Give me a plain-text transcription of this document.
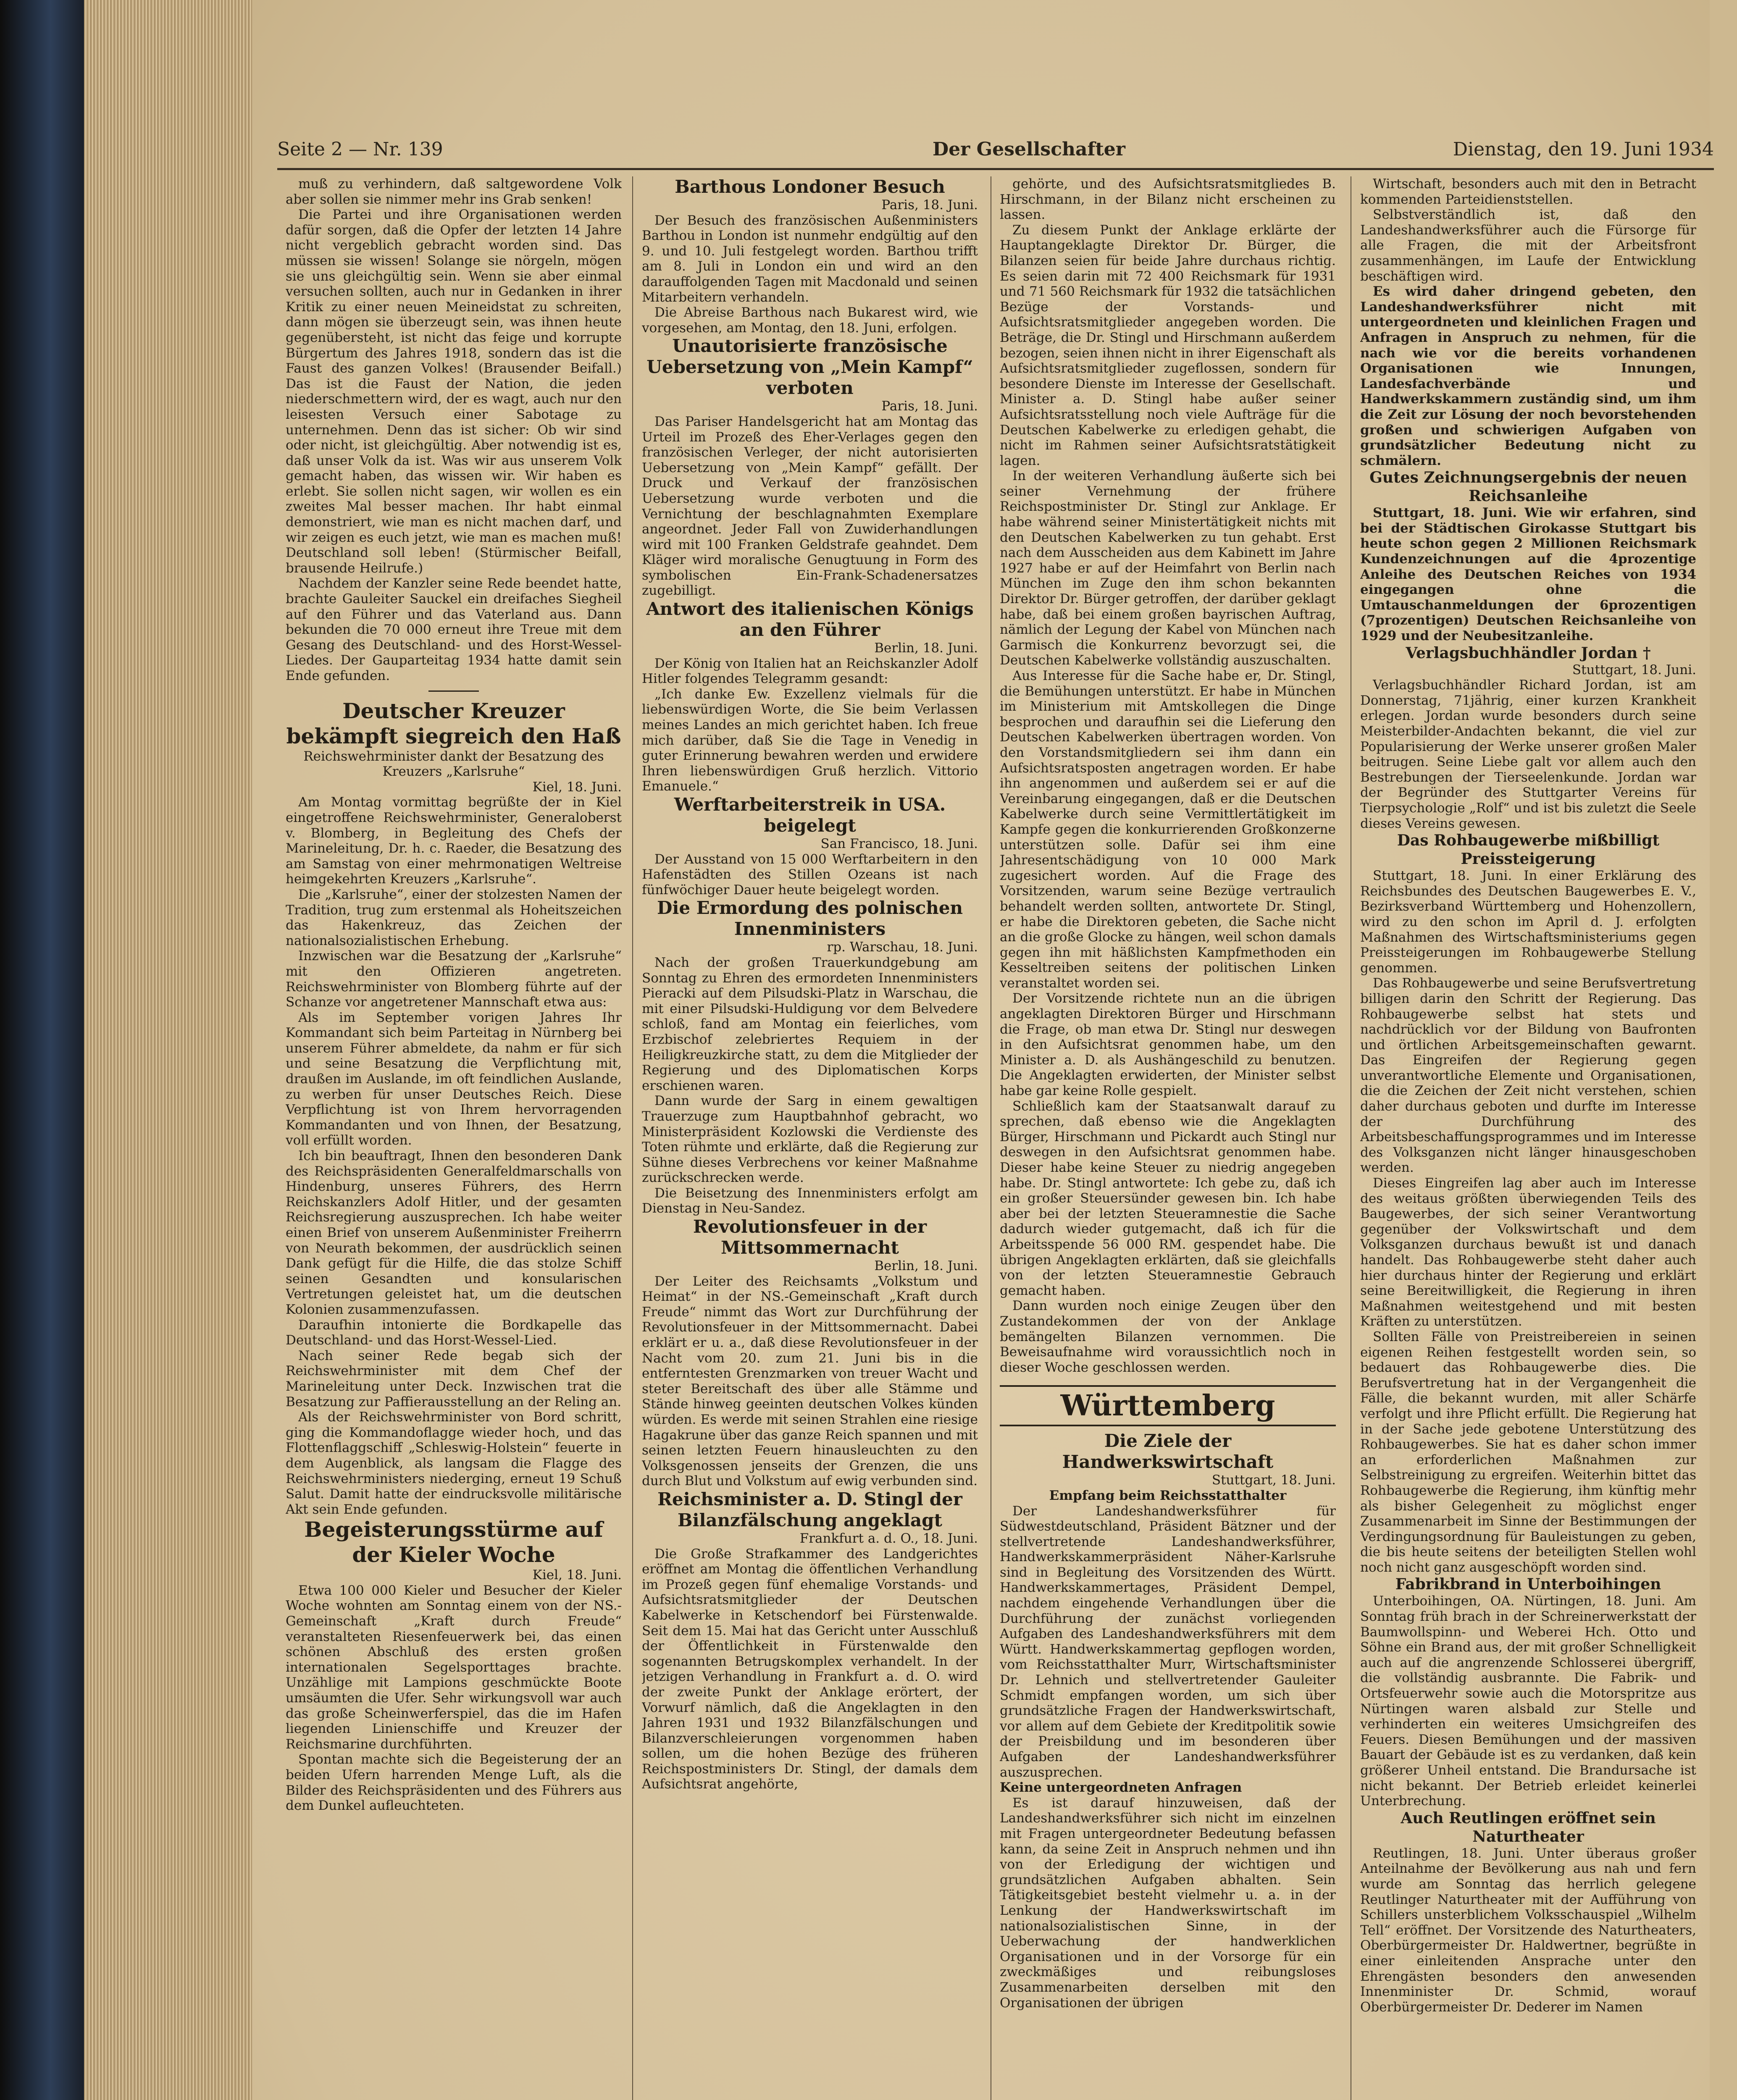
Seite 2 — Nr. 139	Der Gesellschafter	Dienstag, den 19. Juni 1934

muß zu verhindern, daß saltgewordene Volk aber sollen sie nimmer mehr ins Grab senken!

Die Partei und ihre Organisationen werden dafür sorgen, daß die Opfer der letzten 14 Jahre nicht vergeblich gebracht worden sind. Das müssen sie wissen! Solange sie nörgeln, mögen sie uns gleichgültig sein. Wenn sie aber einmal versuchen sollten, auch nur in Gedanken in ihrer Kritik zu einer neuen Meineidstat zu schreiten, dann mögen sie überzeugt sein, was ihnen heute gegenübersteht, ist nicht das feige und korrupte Bürgertum des Jahres 1918, sondern das ist die Faust des ganzen Volkes! (Brausender Beifall.) Das ist die Faust der Nation, die jeden niederschmettern wird, der es wagt, auch nur den leisesten Versuch einer Sabotage zu unternehmen. Denn das ist sicher: Ob wir sind oder nicht, ist gleichgültig. Aber notwendig ist es, daß unser Volk da ist. Was wir aus unserem Volk gemacht haben, das wissen wir. Wir haben es erlebt. Sie sollen nicht sagen, wir wollen es ein zweites Mal besser machen. Ihr habt einmal demonstriert, wie man es nicht machen darf, und wir zeigen es euch jetzt, wie man es machen muß! Deutschland soll leben! (Stürmischer Beifall, brausende Heilrufe.)

Nachdem der Kanzler seine Rede beendet hatte, brachte Gauleiter Sauckel ein dreifaches Siegheil auf den Führer und das Vaterland aus. Dann bekunden die 70 000 erneut ihre Treue mit dem Gesang des Deutschland- und des Horst-Wessel-Liedes. Der Gauparteitag 1934 hatte damit sein Ende gefunden.

Deutscher Kreuzer bekämpft siegreich den Haß

Reichswehrminister dankt der Besatzung des Kreuzers „Karlsruhe“

Kiel, 18. Juni.

Am Montag vormittag begrüßte der in Kiel eingetroffene Reichswehrminister, Generaloberst v. Blomberg, in Begleitung des Chefs der Marineleitung, Dr. h. c. Raeder, die Besatzung des am Samstag von einer mehrmonatigen Weltreise heimgekehrten Kreuzers „Karlsruhe“.

Die „Karlsruhe“, einer der stolzesten Namen der Tradition, trug zum erstenmal als Hoheitszeichen das Hakenkreuz, das Zeichen der nationalsozialistischen Erhebung.

Inzwischen war die Besatzung der „Karlsruhe“ mit den Offizieren angetreten. Reichswehrminister von Blomberg führte auf der Schanze vor angetretener Mannschaft etwa aus:

Als im September vorigen Jahres Ihr Kommandant sich beim Parteitag in Nürnberg bei unserem Führer abmeldete, da nahm er für sich und seine Besatzung die Verpflichtung mit, draußen im Auslande, im oft feindlichen Auslande, zu werben für unser Deutsches Reich. Diese Verpflichtung ist von Ihrem hervorragenden Kommandanten und von Ihnen, der Besatzung, voll erfüllt worden.

Ich bin beauftragt, Ihnen den besonderen Dank des Reichspräsidenten Generalfeldmarschalls von Hindenburg, unseres Führers, des Herrn Reichskanzlers Adolf Hitler, und der gesamten Reichsregierung auszusprechen. Ich habe weiter einen Brief von unserem Außenminister Freiherrn von Neurath bekommen, der ausdrücklich seinen Dank gefügt für die Hilfe, die das stolze Schiff seinen Gesandten und konsularischen Vertretungen geleistet hat, um die deutschen Kolonien zusammenzufassen.

Daraufhin intonierte die Bordkapelle das Deutschland- und das Horst-Wessel-Lied.

Nach seiner Rede begab sich der Reichswehrminister mit dem Chef der Marineleitung unter Deck. Inzwischen trat die Besatzung zur Paffierausstellung an der Reling an.

Als der Reichswehrminister von Bord schritt, ging die Kommandoflagge wieder hoch, und das Flottenflaggschiff „Schleswig-Holstein“ feuerte in dem Augenblick, als langsam die Flagge des Reichswehrministers niederging, erneut 19 Schuß Salut. Damit hatte der eindrucksvolle militärische Akt sein Ende gefunden.

Begeisterungsstürme auf der Kieler Woche

Kiel, 18. Juni.

Etwa 100 000 Kieler und Besucher der Kieler Woche wohnten am Sonntag einem von der NS.-Gemeinschaft „Kraft durch Freude“ veranstalteten Riesenfeuerwerk bei, das einen schönen Abschluß des ersten großen internationalen Segelsporttages brachte. Unzählige mit Lampions geschmückte Boote umsäumten die Ufer. Sehr wirkungsvoll war auch das große Scheinwerferspiel, das die im Hafen liegenden Linienschiffe und Kreuzer der Reichsmarine durchführten.

Spontan machte sich die Begeisterung der an beiden Ufern harrenden Menge Luft, als die Bilder des Reichspräsidenten und des Führers aus dem Dunkel aufleuchteten.

Barthous Londoner Besuch

Paris, 18. Juni.

Der Besuch des französischen Außenministers Barthou in London ist nunmehr endgültig auf den 9. und 10. Juli festgelegt worden. Barthou trifft am 8. Juli in London ein und wird an den darauffolgenden Tagen mit Macdonald und seinen Mitarbeitern verhandeln.

Die Abreise Barthous nach Bukarest wird, wie vorgesehen, am Montag, den 18. Juni, erfolgen.

Unautorisierte französische Uebersetzung von „Mein Kampf“ verboten

Paris, 18. Juni.

Das Pariser Handelsgericht hat am Montag das Urteil im Prozeß des Eher-Verlages gegen den französischen Verleger, der nicht autorisierten Uebersetzung von „Mein Kampf“ gefällt. Der Druck und Verkauf der französischen Uebersetzung wurde verboten und die Vernichtung der beschlagnahmten Exemplare angeordnet. Jeder Fall von Zuwiderhandlungen wird mit 100 Franken Geldstrafe geahndet. Dem Kläger wird moralische Genugtuung in Form des symbolischen Ein-Frank-Schadenersatzes zugebilligt.

Antwort des italienischen Königs an den Führer

Berlin, 18. Juni.

Der König von Italien hat an Reichskanzler Adolf Hitler folgendes Telegramm gesandt:

„Ich danke Ew. Exzellenz vielmals für die liebenswürdigen Worte, die Sie beim Verlassen meines Landes an mich gerichtet haben. Ich freue mich darüber, daß Sie die Tage in Venedig in guter Erinnerung bewahren werden und erwidere Ihren liebenswürdigen Gruß herzlich. Vittorio Emanuele.“

Werftarbeiterstreik in USA. beigelegt

San Francisco, 18. Juni.

Der Ausstand von 15 000 Werftarbeitern in den Hafenstädten des Stillen Ozeans ist nach fünfwöchiger Dauer heute beigelegt worden.

Die Ermordung des polnischen Innenministers

rp. Warschau, 18. Juni.

Nach der großen Trauerkundgebung am Sonntag zu Ehren des ermordeten Innenministers Pieracki auf dem Pilsudski-Platz in Warschau, die mit einer Pilsudski-Huldigung vor dem Belvedere schloß, fand am Montag ein feierliches, vom Erzbischof zelebriertes Requiem in der Heiligkreuzkirche statt, zu dem die Mitglieder der Regierung und des Diplomatischen Korps erschienen waren.

Dann wurde der Sarg in einem gewaltigen Trauerzuge zum Hauptbahnhof gebracht, wo Ministerpräsident Kozlowski die Verdienste des Toten rühmte und erklärte, daß die Regierung zur Sühne dieses Verbrechens vor keiner Maßnahme zurückschrecken werde.

Die Beisetzung des Innenministers erfolgt am Dienstag in Neu-Sandez.

Revolutionsfeuer in der Mittsommernacht

Berlin, 18. Juni.

Der Leiter des Reichsamts „Volkstum und Heimat“ in der NS.-Gemeinschaft „Kraft durch Freude“ nimmt das Wort zur Durchführung der Revolutionsfeuer in der Mittsommernacht. Dabei erklärt er u. a., daß diese Revolutionsfeuer in der Nacht vom 20. zum 21. Juni bis in die entferntesten Grenzmarken von treuer Wacht und steter Bereitschaft des über alle Stämme und Stände hinweg geeinten deutschen Volkes künden würden. Es werde mit seinen Strahlen eine riesige Hagakrune über das ganze Reich spannen und mit seinen letzten Feuern hinausleuchten zu den Volksgenossen jenseits der Grenzen, die uns durch Blut und Volkstum auf ewig verbunden sind.

Reichsminister a. D. Stingl der Bilanzfälschung angeklagt

Frankfurt a. d. O., 18. Juni.

Die Große Strafkammer des Landgerichtes eröffnet am Montag die öffentlichen Verhandlung im Prozeß gegen fünf ehemalige Vorstands- und Aufsichtsratsmitglieder der Deutschen Kabelwerke in Ketschendorf bei Fürstenwalde. Seit dem 15. Mai hat das Gericht unter Ausschluß der Öffentlichkeit in Fürstenwalde den sogenannten Betrugskomplex verhandelt. In der jetzigen Verhandlung in Frankfurt a. d. O. wird der zweite Punkt der Anklage erörtert, der Vorwurf nämlich, daß die Angeklagten in den Jahren 1931 und 1932 Bilanzfälschungen und Bilanzverschleierungen vorgenommen haben sollen, um die hohen Bezüge des früheren Reichspostministers Dr. Stingl, der damals dem Aufsichtsrat angehörte,

gehörte, und des Aufsichtsratsmitgliedes B. Hirschmann, in der Bilanz nicht erscheinen zu lassen.

Zu diesem Punkt der Anklage erklärte der Hauptangeklagte Direktor Dr. Bürger, die Bilanzen seien für beide Jahre durchaus richtig. Es seien darin mit 72 400 Reichsmark für 1931 und 71 560 Reichsmark für 1932 die tatsächlichen Bezüge der Vorstands- und Aufsichtsratsmitglieder angegeben worden. Die Beträge, die Dr. Stingl und Hirschmann außerdem bezogen, seien ihnen nicht in ihrer Eigenschaft als Aufsichtsratsmitglieder zugeflossen, sondern für besondere Dienste im Interesse der Gesellschaft. Minister a. D. Stingl habe außer seiner Aufsichtsratsstellung noch viele Aufträge für die Deutschen Kabelwerke zu erledigen gehabt, die nicht im Rahmen seiner Aufsichtsratstätigkeit lagen.

In der weiteren Verhandlung äußerte sich bei seiner Vernehmung der frühere Reichspostminister Dr. Stingl zur Anklage. Er habe während seiner Ministertätigkeit nichts mit den Deutschen Kabelwerken zu tun gehabt. Erst nach dem Ausscheiden aus dem Kabinett im Jahre 1927 habe er auf der Heimfahrt von Berlin nach München im Zuge den ihm schon bekannten Direktor Dr. Bürger getroffen, der darüber geklagt habe, daß bei einem großen bayrischen Auftrag, nämlich der Legung der Kabel von München nach Garmisch die Konkurrenz bevorzugt sei, die Deutschen Kabelwerke vollständig auszuschalten.

Aus Interesse für die Sache habe er, Dr. Stingl, die Bemühungen unterstützt. Er habe in München im Ministerium mit Amtskollegen die Dinge besprochen und daraufhin sei die Lieferung den Deutschen Kabelwerken übertragen worden. Von den Vorstandsmitgliedern sei ihm dann ein Aufsichtsratsposten angetragen worden. Er habe ihn angenommen und außerdem sei er auf die Vereinbarung eingegangen, daß er die Deutschen Kabelwerke durch seine Vermittlertätigkeit im Kampfe gegen die konkurrierenden Großkonzerne unterstützen solle. Dafür sei ihm eine Jahresentschädigung von 10 000 Mark zugesichert worden. Auf die Frage des Vorsitzenden, warum seine Bezüge vertraulich behandelt werden sollten, antwortete Dr. Stingl, er habe die Direktoren gebeten, die Sache nicht an die große Glocke zu hängen, weil schon damals gegen ihn mit häßlichsten Kampfmethoden ein Kesseltreiben seitens der politischen Linken veranstaltet worden sei.

Der Vorsitzende richtete nun an die übrigen angeklagten Direktoren Bürger und Hirschmann die Frage, ob man etwa Dr. Stingl nur deswegen in den Aufsichtsrat genommen habe, um den Minister a. D. als Aushängeschild zu benutzen. Die Angeklagten erwiderten, der Minister selbst habe gar keine Rolle gespielt.

Schließlich kam der Staatsanwalt darauf zu sprechen, daß ebenso wie die Angeklagten Bürger, Hirschmann und Pickardt auch Stingl nur deswegen in den Aufsichtsrat genommen habe. Dieser habe keine Steuer zu niedrig angegeben habe. Dr. Stingl antwortete: Ich gebe zu, daß ich ein großer Steuersünder gewesen bin. Ich habe aber bei der letzten Steueramnestie die Sache dadurch wieder gutgemacht, daß ich für die Arbeitsspende 56 000 RM. gespendet habe. Die übrigen Angeklagten erklärten, daß sie gleichfalls von der letzten Steueramnestie Gebrauch gemacht haben.

Dann wurden noch einige Zeugen über den Zustandekommen der von der Anklage bemängelten Bilanzen vernommen. Die Beweisaufnahme wird voraussichtlich noch in dieser Woche geschlossen werden.

Württemberg

Die Ziele der Handwerkswirtschaft

Stuttgart, 18. Juni.

Empfang beim Reichsstatthalter

Der Landeshandwerksführer für Südwestdeutschland, Präsident Bätzner und der stellvertretende Landeshandwerksführer, Handwerkskammerpräsident Näher-Karlsruhe sind in Begleitung des Vorsitzenden des Württ. Handwerkskammertages, Präsident Dempel, nachdem eingehende Verhandlungen über die Durchführung der zunächst vorliegenden Aufgaben des Landeshandwerksführers mit dem Württ. Handwerkskammertag gepflogen worden, vom Reichsstatthalter Murr, Wirtschaftsminister Dr. Lehnich und stellvertretender Gauleiter Schmidt empfangen worden, um sich über grundsätzliche Fragen der Handwerkswirtschaft, vor allem auf dem Gebiete der Kreditpolitik sowie der Preisbildung und im besonderen über Aufgaben der Landeshandwerksführer auszusprechen.

Keine untergeordneten Anfragen

Es ist darauf hinzuweisen, daß der Landeshandwerksführer sich nicht im einzelnen mit Fragen untergeordneter Bedeutung befassen kann, da seine Zeit in Anspruch nehmen und ihn von der Erledigung der wichtigen und grundsätzlichen Aufgaben abhalten. Sein Tätigkeitsgebiet besteht vielmehr u. a. in der Lenkung der Handwerkswirtschaft im nationalsozialistischen Sinne, in der Ueberwachung der handwerklichen Organisationen und in der Vorsorge für ein zweckmäßiges und reibungsloses Zusammenarbeiten derselben mit den Organisationen der übrigen

Wirtschaft, besonders auch mit den in Betracht kommenden Parteidienststellen.

Selbstverständlich ist, daß den Landeshandwerksführer auch die Fürsorge für alle Fragen, die mit der Arbeitsfront zusammenhängen, im Laufe der Entwicklung beschäftigen wird.

Es wird daher dringend gebeten, den Landeshandwerksführer nicht mit untergeordneten und kleinlichen Fragen und Anfragen in Anspruch zu nehmen, für die nach wie vor die bereits vorhandenen Organisationen wie Innungen, Landesfachverbände und Handwerkskammern zuständig sind, um ihm die Zeit zur Lösung der noch bevorstehenden großen und schwierigen Aufgaben von grundsätzlicher Bedeutung nicht zu schmälern.

Gutes Zeichnungsergebnis der neuen Reichsanleihe

Stuttgart, 18. Juni. Wie wir erfahren, sind bei der Städtischen Girokasse Stuttgart bis heute schon gegen 2 Millionen Reichsmark Kundenzeichnungen auf die 4prozentige Anleihe des Deutschen Reiches von 1934 eingegangen ohne die Umtauschanmeldungen der 6prozentigen (7prozentigen) Deutschen Reichsanleihe von 1929 und der Neubesitzanleihe.

Verlagsbuchhändler Jordan †

Stuttgart, 18. Juni.

Verlagsbuchhändler Richard Jordan, ist am Donnerstag, 71jährig, einer kurzen Krankheit erlegen. Jordan wurde besonders durch seine Meisterbilder-Andachten bekannt, die viel zur Popularisierung der Werke unserer großen Maler beitrugen. Seine Liebe galt vor allem auch den Bestrebungen der Tierseelenkunde. Jordan war der Begründer des Stuttgarter Vereins für Tierpsychologie „Rolf“ und ist bis zuletzt die Seele dieses Vereins gewesen.

Das Rohbaugewerbe mißbilligt Preissteigerung

Stuttgart, 18. Juni. In einer Erklärung des Reichsbundes des Deutschen Baugewerbes E. V., Bezirksverband Württemberg und Hohenzollern, wird zu den schon im April d. J. erfolgten Maßnahmen des Wirtschaftsministeriums gegen Preissteigerungen im Rohbaugewerbe Stellung genommen.

Das Rohbaugewerbe und seine Berufsvertretung billigen darin den Schritt der Regierung. Das Rohbaugewerbe selbst hat stets und nachdrücklich vor der Bildung von Baufronten und örtlichen Arbeitsgemeinschaften gewarnt. Das Eingreifen der Regierung gegen unverantwortliche Elemente und Organisationen, die die Zeichen der Zeit nicht verstehen, schien daher durchaus geboten und durfte im Interesse der Durchführung des Arbeitsbeschaffungsprogrammes und im Interesse des Volksganzen nicht länger hinausgeschoben werden.

Dieses Eingreifen lag aber auch im Interesse des weitaus größten überwiegenden Teils des Baugewerbes, der sich seiner Verantwortung gegenüber der Volkswirtschaft und dem Volksganzen durchaus bewußt ist und danach handelt. Das Rohbaugewerbe steht daher auch hier durchaus hinter der Regierung und erklärt seine Bereitwilligkeit, die Regierung in ihren Maßnahmen weitestgehend und mit besten Kräften zu unterstützen.

Sollten Fälle von Preistreibereien in seinen eigenen Reihen festgestellt worden sein, so bedauert das Rohbaugewerbe dies. Die Berufsvertretung hat in der Vergangenheit die Fälle, die bekannt wurden, mit aller Schärfe verfolgt und ihre Pflicht erfüllt. Die Regierung hat in der Sache jede gebotene Unterstützung des Rohbaugewerbes. Sie hat es daher schon immer an erforderlichen Maßnahmen zur Selbstreinigung zu ergreifen. Weiterhin bittet das Rohbaugewerbe die Regierung, ihm künftig mehr als bisher Gelegenheit zu möglichst enger Zusammenarbeit im Sinne der Bestimmungen der Verdingungsordnung für Bauleistungen zu geben, die bis heute seitens der beteiligten Stellen wohl noch nicht ganz ausgeschöpft worden sind.

Fabrikbrand in Unterboihingen

Unterboihingen, OA. Nürtingen, 18. Juni. Am Sonntag früh brach in der Schreinerwerkstatt der Baumwollspinn- und Weberei Hch. Otto und Söhne ein Brand aus, der mit großer Schnelligkeit auch auf die angrenzende Schlosserei übergriff, die vollständig ausbrannte. Die Fabrik- und Ortsfeuerwehr sowie auch die Motorspritze aus Nürtingen waren alsbald zur Stelle und verhinderten ein weiteres Umsichgreifen des Feuers. Diesen Bemühungen und der massiven Bauart der Gebäude ist es zu verdanken, daß kein größerer Unheil entstand. Die Brandursache ist nicht bekannt. Der Betrieb erleidet keinerlei Unterbrechung.

Auch Reutlingen eröffnet sein Naturtheater

Reutlingen, 18. Juni. Unter überaus großer Anteilnahme der Bevölkerung aus nah und fern wurde am Sonntag das herrlich gelegene Reutlinger Naturtheater mit der Aufführung von Schillers unsterblichem Volksschauspiel „Wilhelm Tell“ eröffnet. Der Vorsitzende des Naturtheaters, Oberbürgermeister Dr. Haldwertner, begrüßte in einer einleitenden Ansprache unter den Ehrengästen besonders den anwesenden Innenminister Dr. Schmid, worauf Oberbürgermeister Dr. Dederer im Namen
